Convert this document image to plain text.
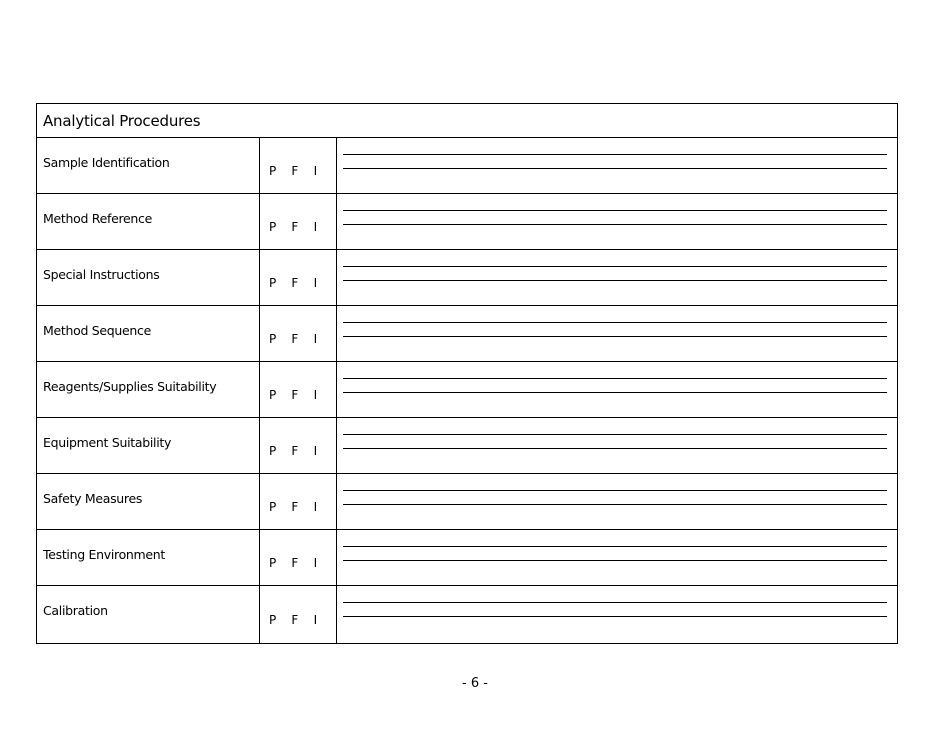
Analytical Procedures
Sample Identification
P	F	I
Method Reference
P	F	I
Special Instructions
P	F	I
Method Sequence
P	F	I
Reagents/Supplies Suitability
P	F	I
Equipment Suitability
P	F	I
Safety Measures
P	F	I
Testing Environment
P	F	I
Calibration
P	F	I
- 6 -
